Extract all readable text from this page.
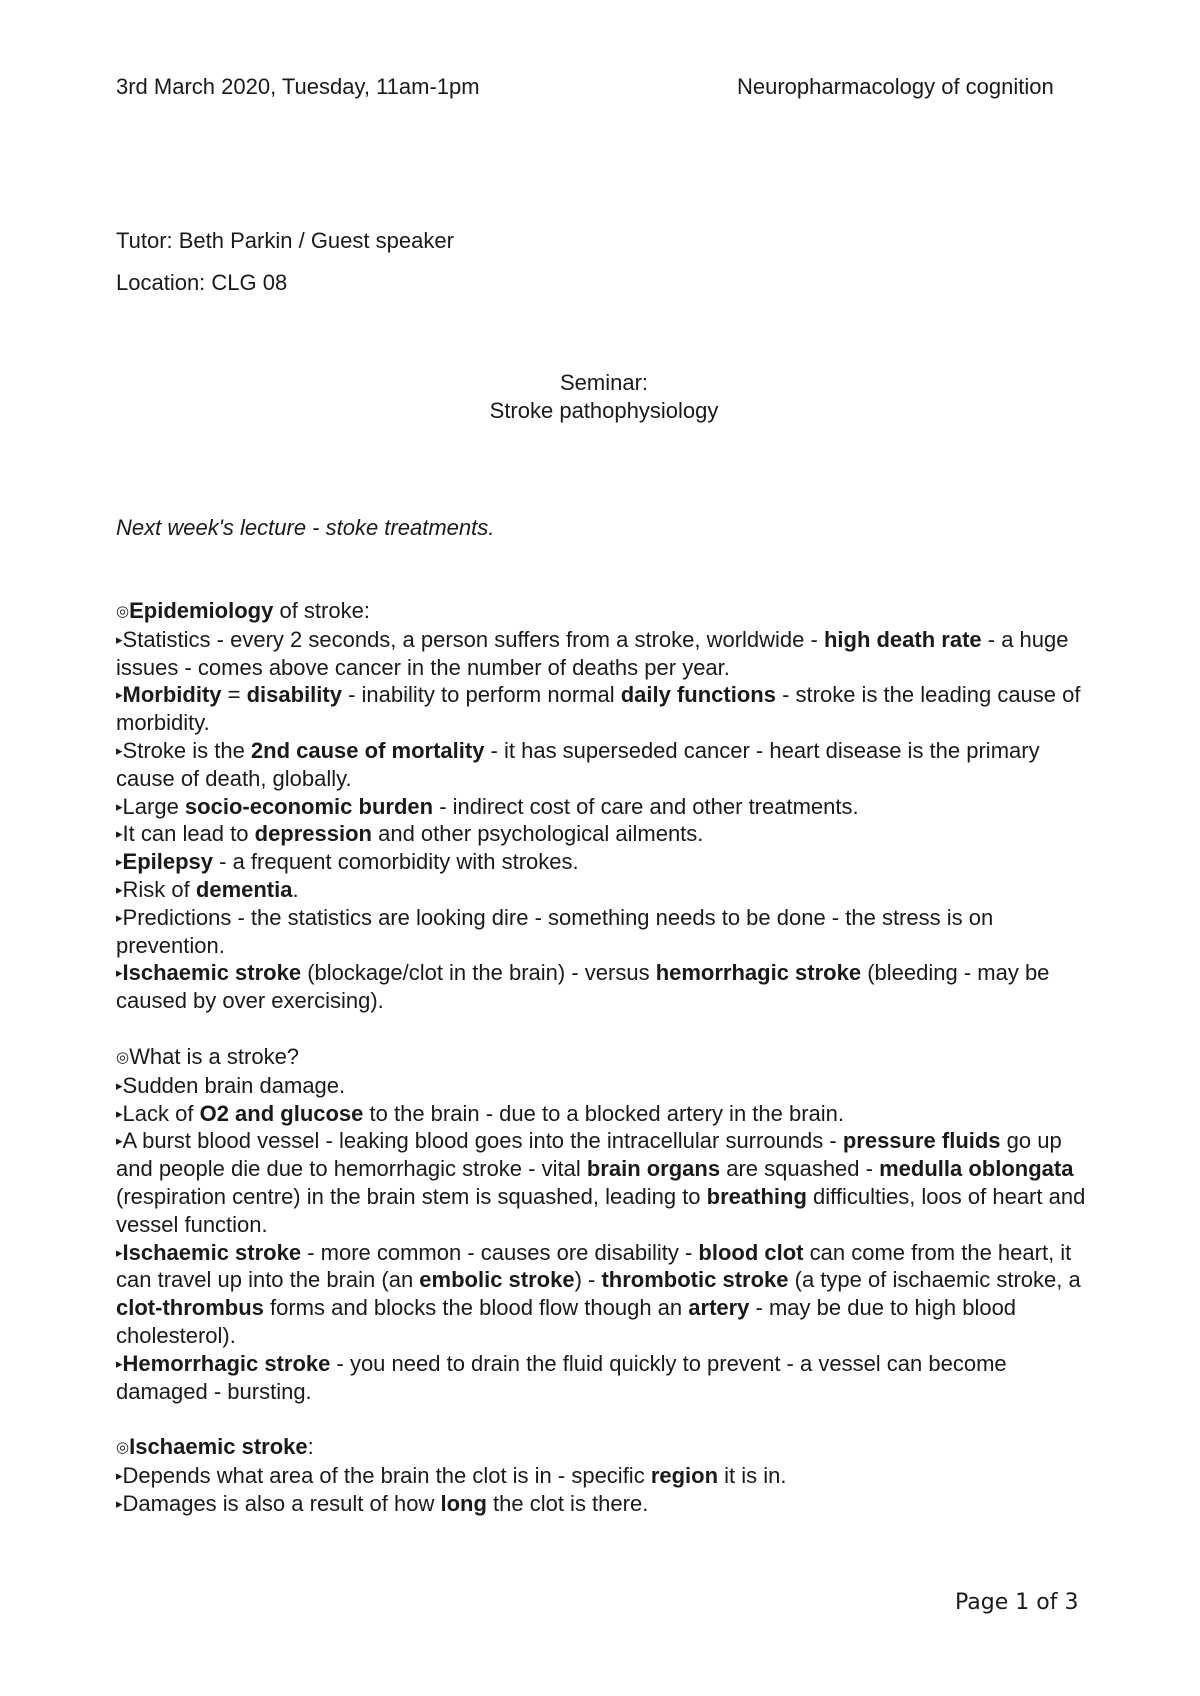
3rd March 2020, Tuesday, 11am-1pm	Neuropharmacology of cognition
Tutor: Beth Parkin / Guest speaker
Location: CLG 08
Seminar:
Stroke pathophysiology
Next week's lecture - stoke treatments.

◎Epidemiology of stroke:

▸Statistics - every 2 seconds, a person suffers from a stroke, worldwide - high death rate - a huge issues - comes above cancer in the number of deaths per year.

▸Morbidity = disability - inability to perform normal daily functions - stroke is the leading cause of morbidity.

▸Stroke is the 2nd cause of mortality - it has superseded cancer - heart disease is the primary cause of death, globally.

▸Large socio-economic burden - indirect cost of care and other treatments.

▸It can lead to depression and other psychological ailments.

▸Epilepsy - a frequent comorbidity with strokes.

▸Risk of dementia.

▸Predictions - the statistics are looking dire - something needs to be done - the stress is on prevention.

▸Ischaemic stroke (blockage/clot in the brain) - versus hemorrhagic stroke (bleeding - may be caused by over exercising).

◎What is a stroke?

▸Sudden brain damage.

▸Lack of O2 and glucose to the brain - due to a blocked artery in the brain.

▸A burst blood vessel - leaking blood goes into the intracellular surrounds - pressure fluids go up and people die due to hemorrhagic stroke - vital brain organs are squashed - medulla oblongata (respiration centre) in the brain stem is squashed, leading to breathing difficulties, loos of heart and vessel function.

▸Ischaemic stroke - more common - causes ore disability - blood clot can come from the heart, it can travel up into the brain (an embolic stroke) - thrombotic stroke (a type of ischaemic stroke, a clot-thrombus forms and blocks the blood flow though an artery - may be due to high blood cholesterol).

▸Hemorrhagic stroke - you need to drain the fluid quickly to prevent - a vessel can become damaged - bursting.

◎Ischaemic stroke:

▸Depends what area of the brain the clot is in - specific region it is in.

▸Damages is also a result of how long the clot is there.

Page 1 of 3
